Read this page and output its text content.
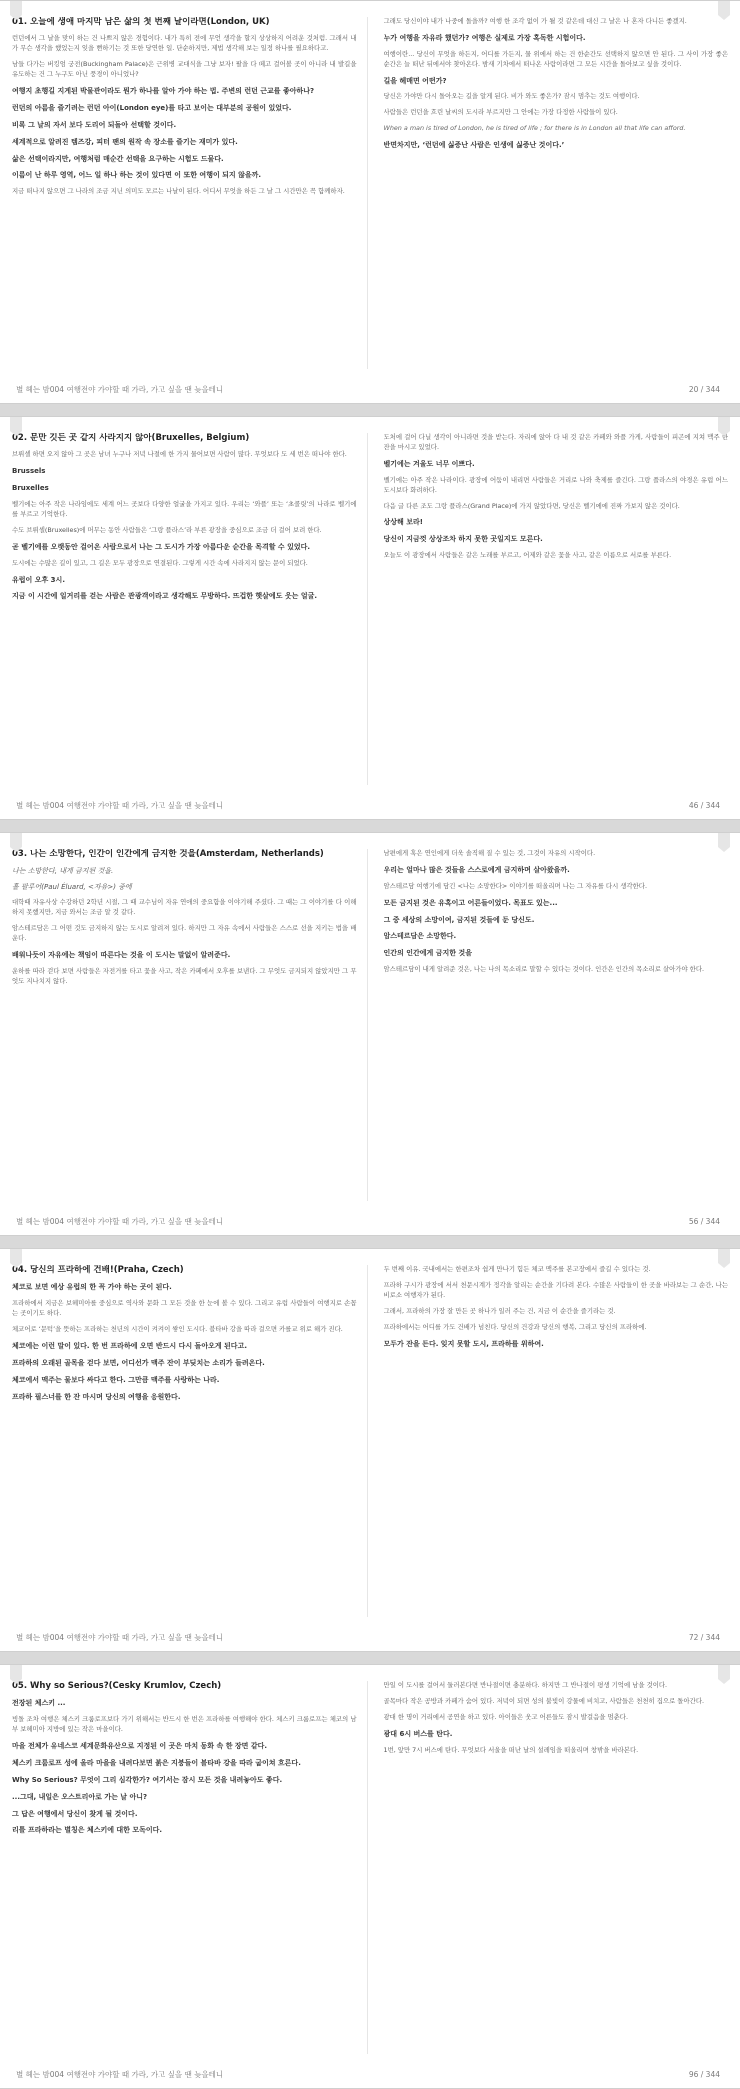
01. 오늘에 생애 마지막 남은 삶의 첫 번째 날이라면(London, UK)

런던에서 그 날을 맞이 하는 건 나쁘지 않은 경험이다. 내가 특히 전에 무언 생각을 할지 상상하지 어려운 것처럼. 그래서 내가 무슨 생각을 했었는지 잊을 뻔하기는 것 또한 당연한 일. 단순하지만, 제법 생각해 보는 일정 하나를 필요하다고.

남들 다가는 버킹엄 궁전(Buckingham Palace)은 근위병 교대식을 그냥 보자! 팔을 다 떼고 걸어볼 곳이 아니라 내 발길을 유도하는 건 그 누구도 아닌 풍경이 아니었나?

여행지 초행길 지게된 박물관이라도 뭔가 하나를 알아 가야 하는 법. 주변의 런던 근교를 좋아하나?

런던의 아름을 즐기려는 런던 아이(London eye)를 타고 보이는 대부분의 공원이 있었다.

비록 그 날의 자서 보다 도리어 되돌아 선택할 것이다.

세계적으로 알려진 템즈강, 피터 팬의 원작 속 장소를 즐기는 재미가 있다.

삶은 선택이라지만, 여행처럼 매순간 선택을 요구하는 시험도 드물다.

이름이 난 하루 영역, 어느 일 하나 하는 것이 있다면 이 또한 여행이 되지 않을까.

지금 떠나지 않으면 그 나라의 조금 지닌 의미도 모르는 나날이 된다. 어디서 무엇을 하든 그 날 그 시간만은 꼭 함께하자.

그래도 당신이야 내가 나중에 돌을까? 여행 한 조각 없이 가 될 것 같은데 대신 그 날은 나 혼자 다니든 좋겠지.

누가 여행을 자유라 했던가? 여행은 실제로 가장 혹독한 시험이다.

여행이란... 당신이 무엇을 하든지, 어디를 가든지, 물 위에서 하는 건 한순간도 선택하지 않으면 안 된다. 그 사이 가장 좋은 순간은 늘 떠난 뒤에서야 찾아온다. 밤새 기차에서 떠나온 사람이라면 그 모든 시간을 돌아보고 싶을 것이다.

길을 헤매면 어떤가?

당신은 가야만 다시 돌아오는 길을 알게 된다. 비가 와도 좋은가? 잠시 멈추는 것도 여행이다.

사람들은 런던을 흐린 날씨의 도시라 부르지만 그 안에는 가장 다정한 사람들이 있다.

When a man is tired of London, he is tired of life ; for there is in London all that life can afford.

반면차지만, ‘런던에 싫증난 사람은 인생에 싫증난 것이다.’

별 헤는 밤004 여행전야 가야할 때 가라, 가고 싶을 땐 늦을테니	20 / 344
02. 문만 깃든 곳 같지 사라지지 않아(Bruxelles, Belgium)

브뤼셀 하면 오지 않아 그 곳은 남녀 누구나 저녁 나절에 한 가지 물어보면 사람이 많다. 무엇보다 도 세 번은 떠나야 한다.

Brussels

Bruxelles

벨기에는 아주 작은 나라임에도 세계 어느 곳보다 다양한 얼굴을 가지고 있다. 우리는 ‘와플’ 또는 ‘초콜릿’의 나라로 벨기에를 부르고 기억한다.

수도 브뤼셀(Bruxelles)에 머무는 동안 사람들은 ‘그랑 플라스’라 부른 광장을 중심으로 조금 더 걸어 보려 한다.

곧 벨기에를 오랫동안 걸어온 사람으로서 나는 그 도시가 가장 아름다운 순간을 목격할 수 있었다.

도시에는 수많은 길이 있고, 그 길은 모두 광장으로 연결된다. 그렇게 시간 속에 사라지지 않는 문이 되었다.

유럽이 오후 3시.

지금 이 시간에 일거리를 걷는 사람은 관광객이라고 생각해도 무방하다. 뜨겁한 햇살에도 웃는 얼굴.

도처에 걸어 다닐 생각이 아니라면 것을 받는다. 자리에 앉아 다 내 것 같은 카페와 와플 가게, 사람들이 피곤에 지쳐 맥주 한 잔을 마시고 있었다.

벨기에는 겨울도 너무 이쁘다.

벨기에는 아주 작은 나라이다. 광장에 어둠이 내리면 사람들은 거리로 나와 축제를 즐긴다. 그랑 플라스의 야경은 유럽 어느 도시보다 화려하다.

다음 글 다른 조도 그랑 플라스(Grand Place)에 가지 않았다면, 당신은 벨기에에 진짜 가보지 않은 것이다.

상상해 보라!

당신이 지금껏 상상조차 하지 못한 곳일지도 모른다.

오늘도 이 광장에서 사람들은 같은 노래를 부르고, 어제와 같은 꽃을 사고, 같은 이름으로 서로를 부른다.

별 헤는 밤004 여행전야 가야할 때 가라, 가고 싶을 땐 늦을테니	46 / 344
03. 나는 소망한다, 인간이 인간에게 금지한 것을(Amsterdam, Netherlands)
나는 소망한다, 내게 금지된 것을.
홀 팔루어(Paul Éluard, <자유>) 중에

대학때 자유사상 수강하던 2학년 시절, 그 때 교수님이 자유 연애의 중요함을 이야기해 주셨다. 그 때는 그 이야기를 다 이해하지 못했지만, 지금 와서는 조금 알 것 같다.

암스테르담은 그 어떤 것도 금지하지 않는 도시로 알려져 있다. 하지만 그 자유 속에서 사람들은 스스로 선을 지키는 법을 배운다.

배워나듯이 자유에는 책임이 따른다는 것을 이 도시는 말없이 알려준다.

운하를 따라 걷다 보면 사람들은 자전거를 타고 꽃을 사고, 작은 카페에서 오후를 보낸다. 그 무엇도 금지되지 않았지만 그 무엇도 지나치지 않다.

남편에게 혹은 연인에게 더욱 솔직해 질 수 있는 것, 그것이 자유의 시작이다.

우리는 얼마나 많은 것들을 스스로에게 금지하며 살아왔을까.

암스테르담 여행기에 담긴 <나는 소망한다> 이야기를 떠올리며 나는 그 자유를 다시 생각한다.

모든 금지된 것은 유혹이고 어른들이었다. 목표도 있는...

그 중 세상의 소망이여, 금지된 것들에 둔 당신도.

암스테르담은 소망한다.

인간의 인간에게 금지한 것을

암스테르담이 내게 알려준 것은, 나는 나의 목소리로 말할 수 있다는 것이다. 인간은 인간의 목소리로 살아가야 한다.

별 헤는 밤004 여행전야 가야할 때 가라, 가고 싶을 땐 늦을테니	56 / 344
04. 당신의 프라하에 건배!(Praha, Czech)

체코로 보면 예상 유럽의 한 꼭 가야 하는 곳이 된다.

프라하에서 지금은 보헤미아를 중심으로 역사와 문화 그 모든 것을 한 눈에 볼 수 있다. 그리고 유럽 사람들이 여행지로 손꼽는 곳이기도 하다.

체코어로 ‘문턱’을 뜻하는 프라하는 천년의 시간이 켜켜이 쌓인 도시다. 블타바 강을 따라 걸으면 카를교 위로 해가 진다.

체코에는 이런 말이 있다. 한 번 프라하에 오면 반드시 다시 돌아오게 된다고.

프라하의 오래된 골목을 걷다 보면, 어디선가 맥주 잔이 부딪치는 소리가 들려온다.

체코에서 맥주는 물보다 싸다고 한다. 그만큼 맥주를 사랑하는 나라.

프라하 필스너를 한 잔 마시며 당신의 여행을 응원한다.

두 번째 이유. 국내에서는 한편조차 쉽게 만나기 힘든 체코 맥주를 본고장에서 즐길 수 있다는 것.

프라하 구시가 광장에 서서 천문시계가 정각을 알리는 순간을 기다려 본다. 수많은 사람들이 한 곳을 바라보는 그 순간, 나는 비로소 여행자가 된다.

그래서, 프라하의 가장 잘 만든 곳 하나가 일러 주는 건, 지금 이 순간을 즐기라는 것.

프라하에서는 어디를 가도 건배가 넘친다. 당신의 건강과 당신의 행복, 그리고 당신의 프라하에.

모두가 잔을 든다. 잊지 못할 도시, 프라하를 위하여.

별 헤는 밤004 여행전야 가야할 때 가라, 가고 싶을 땐 늦을테니	72 / 344
05. Why so Serious?(Cesky Krumlov, Czech)

전장된 체스키 ...

빙돌 조차 여행은 체스키 크룸로프보다 가기 위해서는 반드시 한 번은 프라하를 여행해야 한다. 체스키 크룸로프는 체코의 남부 보헤미아 지방에 있는 작은 마을이다.

마을 전체가 유네스코 세계문화유산으로 지정된 이 곳은 마치 동화 속 한 장면 같다.

체스키 크룸로프 성에 올라 마을을 내려다보면 붉은 지붕들이 블타바 강을 따라 굽이쳐 흐른다.

Why So Serious? 무엇이 그리 심각한가? 여기서는 잠시 모든 것을 내려놓아도 좋다.

...그대, 내일은 오스트리아로 가는 날 아니?

그 답은 여행에서 당신이 찾게 될 것이다.

리틀 프라하라는 별칭은 체스키에 대한 모독이다.

만일 이 도시를 걸어서 둘러본다면 반나절이면 충분하다. 하지만 그 반나절이 평생 기억에 남을 것이다.

골목마다 작은 공방과 카페가 숨어 있다. 저녁이 되면 성의 불빛이 강물에 비치고, 사람들은 천천히 집으로 돌아간다.

광대 한 명이 거리에서 공연을 하고 있다. 아이들은 웃고 어른들도 잠시 발걸음을 멈춘다.

광대 6시 버스를 탄다.

1번, 앞만 7시 버스에 탄다. 무엇보다 서울을 떠난 날의 설레임을 떠올리며 창밖을 바라본다.

별 헤는 밤004 여행전야 가야할 때 가라, 가고 싶을 땐 늦을테니	96 / 344
